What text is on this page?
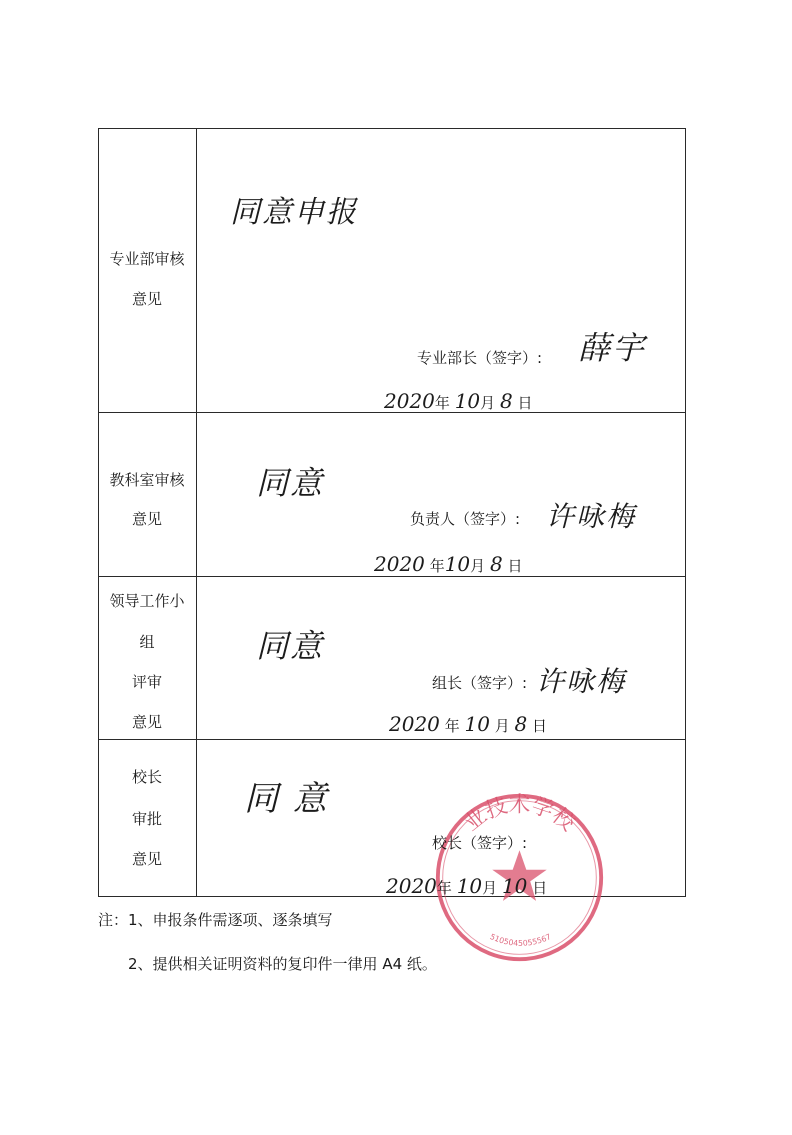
专业部审核
意见
同意申报
专业部长（签字）: 薛宇
2020年 10月 8 日
教科室审核
意见
同意
负责人（签字）: 许咏梅
2020 年10月 8 日
领导工作小
组
评审
意见
同意
组长（签字）: 许咏梅
2020 年 10 月 8 日
业技术学校
5105045055567
校长
审批
意见
同 意
校长（签字）:
2020年 10月 10 日
注：1、申报条件需逐项、逐条填写
2、提供相关证明资料的复印件一律用 A4 纸。
